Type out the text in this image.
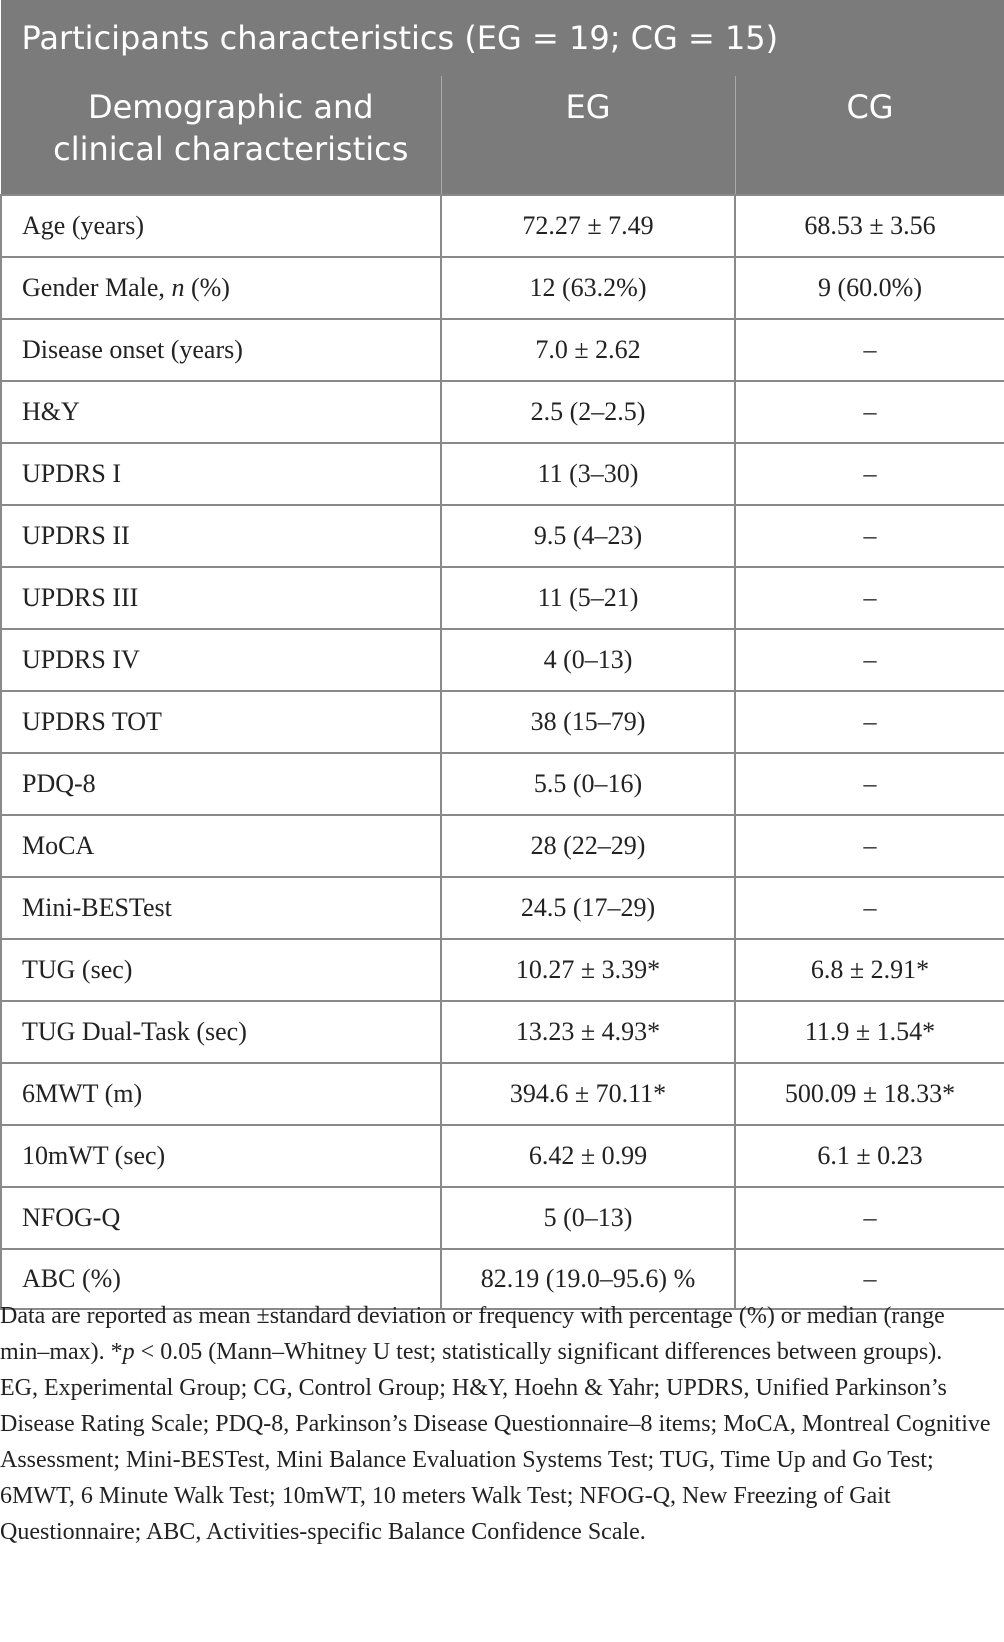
Participants characteristics (EG = 19; CG = 15)		
Demographic and
clinical characteristics	EG	CG
Age (years)	72.27 ± 7.49	68.53 ± 3.56
Gender Male, n (%)	12 (63.2%)	9 (60.0%)
Disease onset (years)	7.0 ± 2.62	–
H&Y	2.5 (2–2.5)	–
UPDRS I	11 (3–30)	–
UPDRS II	9.5 (4–23)	–
UPDRS III	11 (5–21)	–
UPDRS IV	4 (0–13)	–
UPDRS TOT	38 (15–79)	–
PDQ-8	5.5 (0–16)	–
MoCA	28 (22–29)	–
Mini-BESTest	24.5 (17–29)	–
TUG (sec)	10.27 ± 3.39*	6.8 ± 2.91*
TUG Dual-Task (sec)	13.23 ± 4.93*	11.9 ± 1.54*
6MWT (m)	394.6 ± 70.11*	500.09 ± 18.33*
10mWT (sec)	6.42 ± 0.99	6.1 ± 0.23
NFOG-Q	5 (0–13)	–
ABC (%)	82.19 (19.0–95.6) %	–

Data are reported as mean ±standard deviation or frequency with percentage (%) or median (range min–max). *p < 0.05 (Mann–Whitney U test; statistically significant differences between groups).

EG, Experimental Group; CG, Control Group; H&Y, Hoehn & Yahr; UPDRS, Unified Parkinson’s Disease Rating Scale; PDQ-8, Parkinson’s Disease Questionnaire–8 items; MoCA, Montreal Cognitive Assessment; Mini-BESTest, Mini Balance Evaluation Systems Test; TUG, Time Up and Go Test; 6MWT, 6 Minute Walk Test; 10mWT, 10 meters Walk Test; NFOG-Q, New Freezing of Gait Questionnaire; ABC, Activities-specific Balance Confidence Scale.
